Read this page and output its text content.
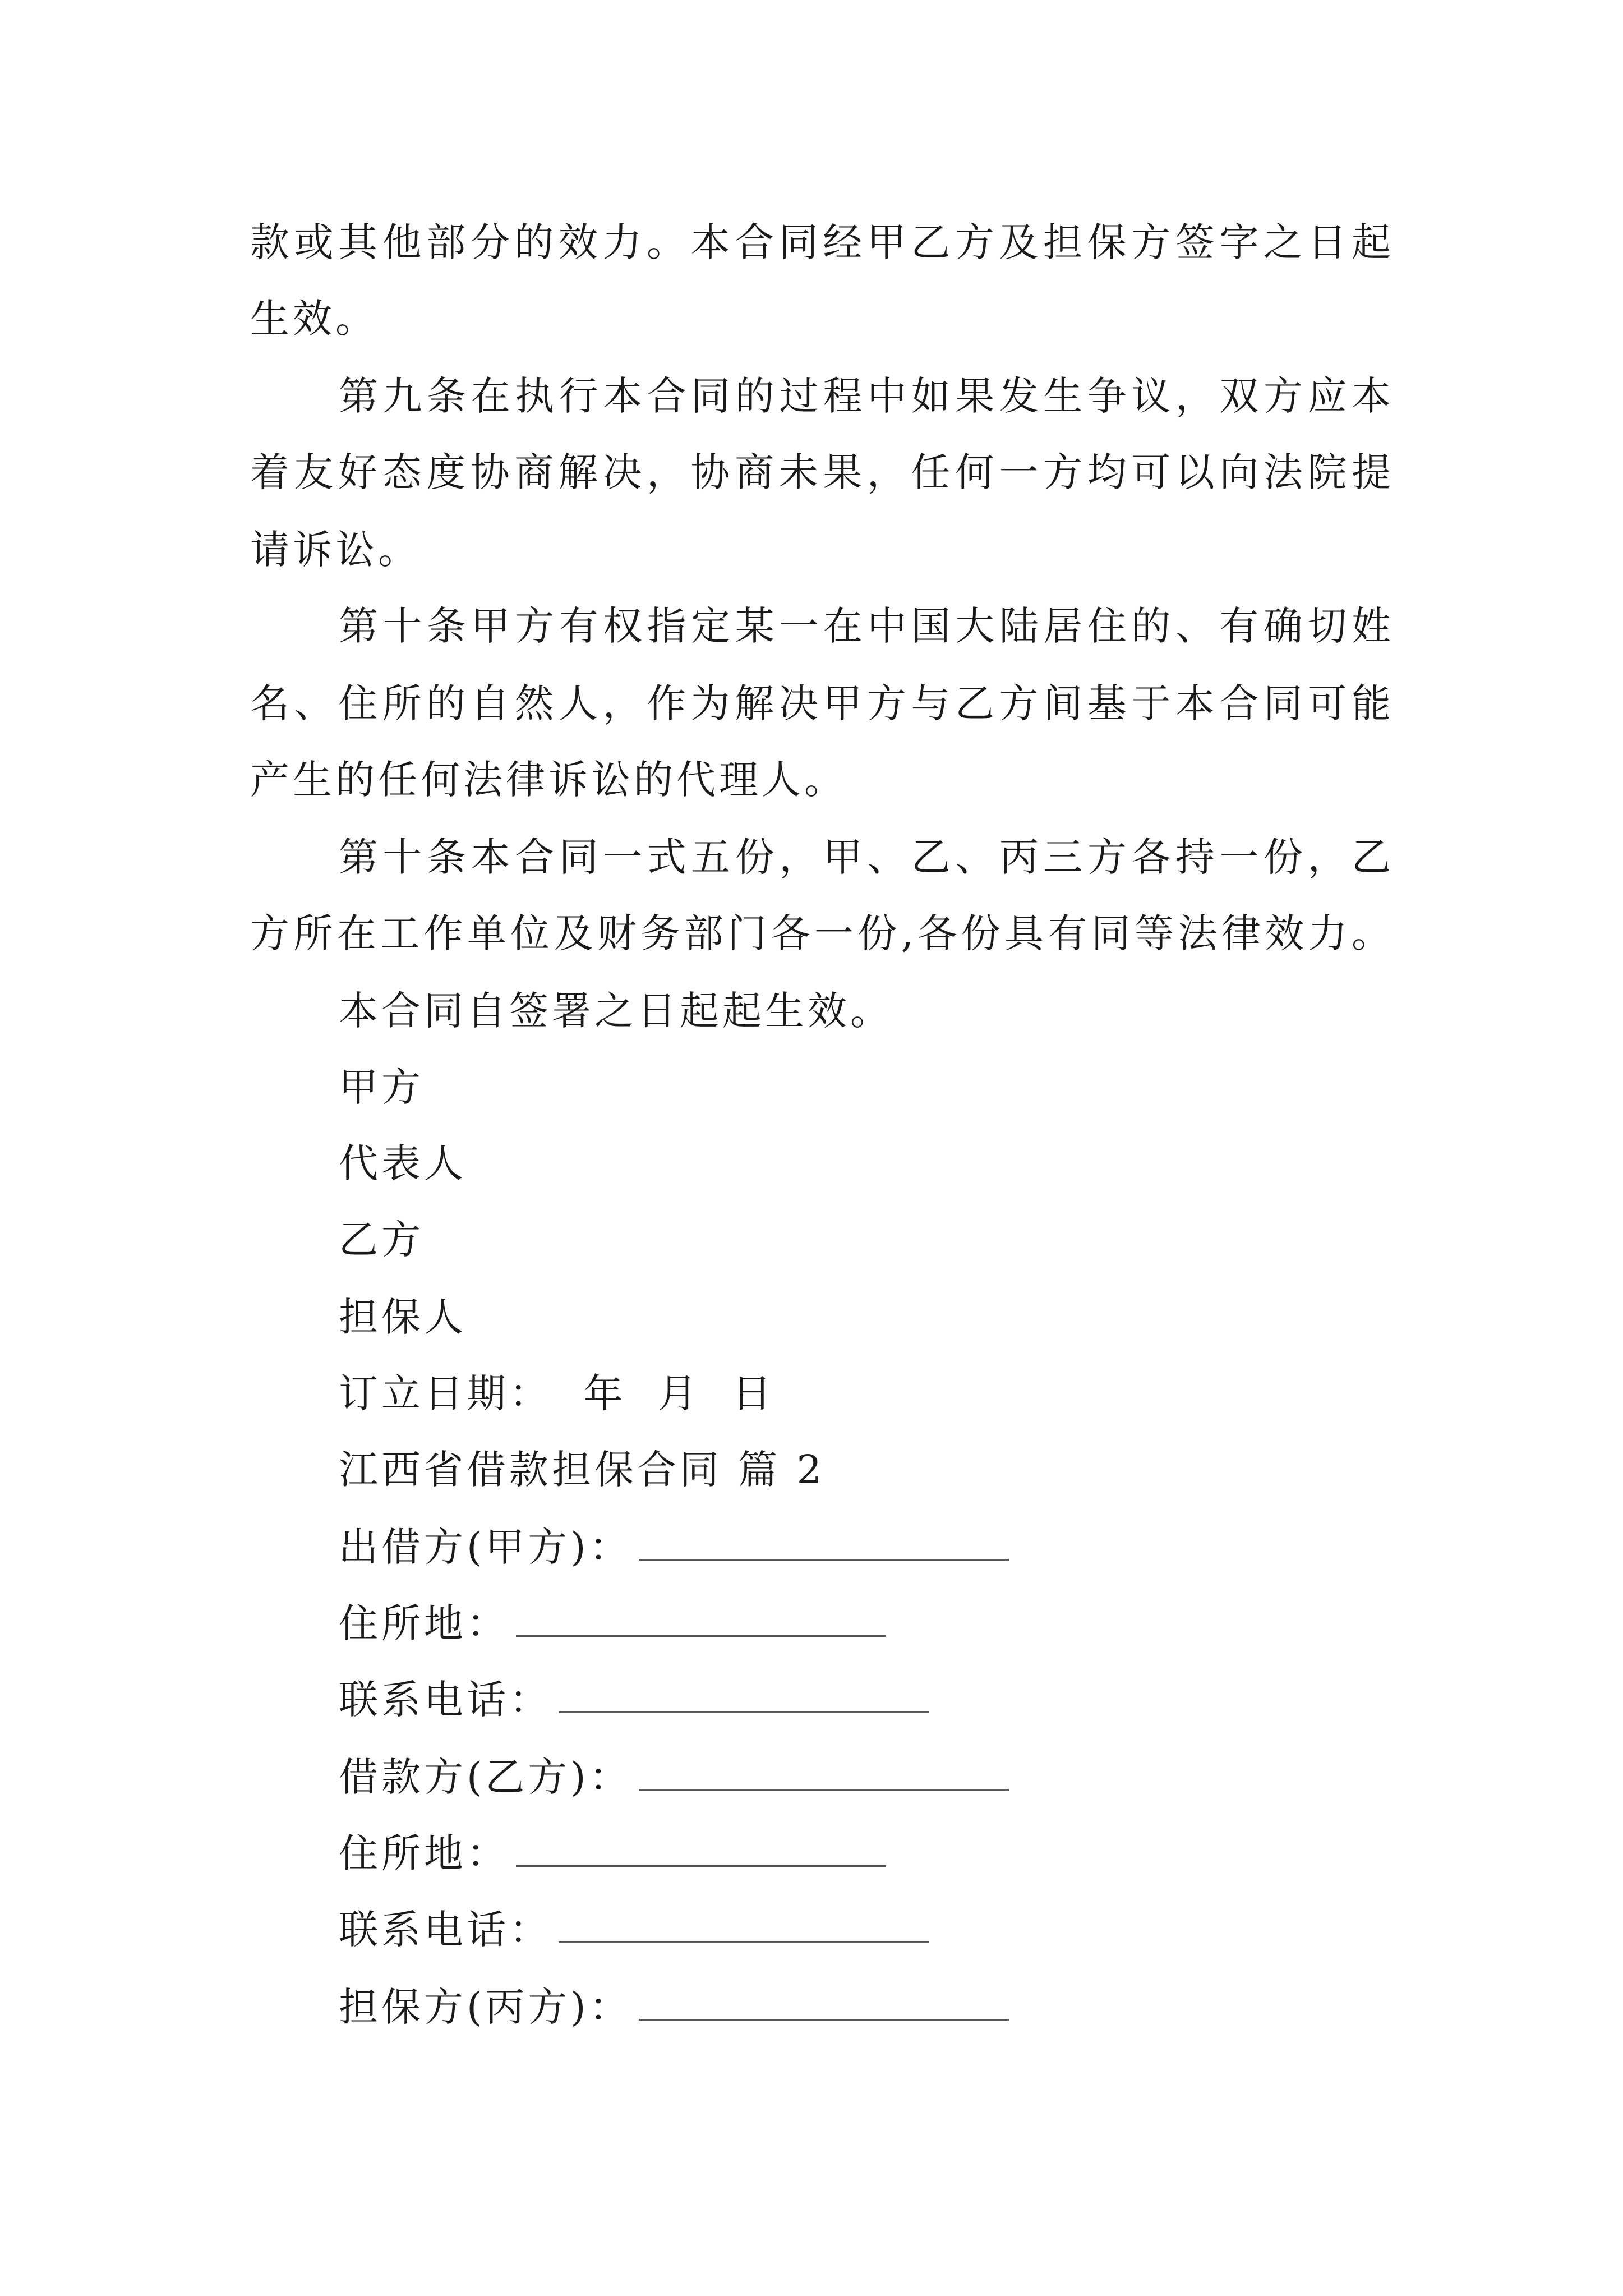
款或其他部分的效力。本合同经甲乙方及担保方签字之日起
生效。
第九条在执行本合同的过程中如果发生争议，双方应本
着友好态度协商解决，协商未果，任何一方均可以向法院提
请诉讼。
第十条甲方有权指定某一在中国大陆居住的、有确切姓
名、住所的自然人，作为解决甲方与乙方间基于本合同可能
产生的任何法律诉讼的代理人。
第十条本合同一式五份，甲、乙、丙三方各持一份，乙
方所在工作单位及财务部门各一份,各份具有同等法律效力。
本合同自签署之日起起生效。
甲方
代表人
乙方
担保人
订立日期：  年  月  日
江西省借款担保合同 篇 2
出借方(甲方)：
住所地：
联系电话：
借款方(乙方)：
住所地：
联系电话：
担保方(丙方)：
